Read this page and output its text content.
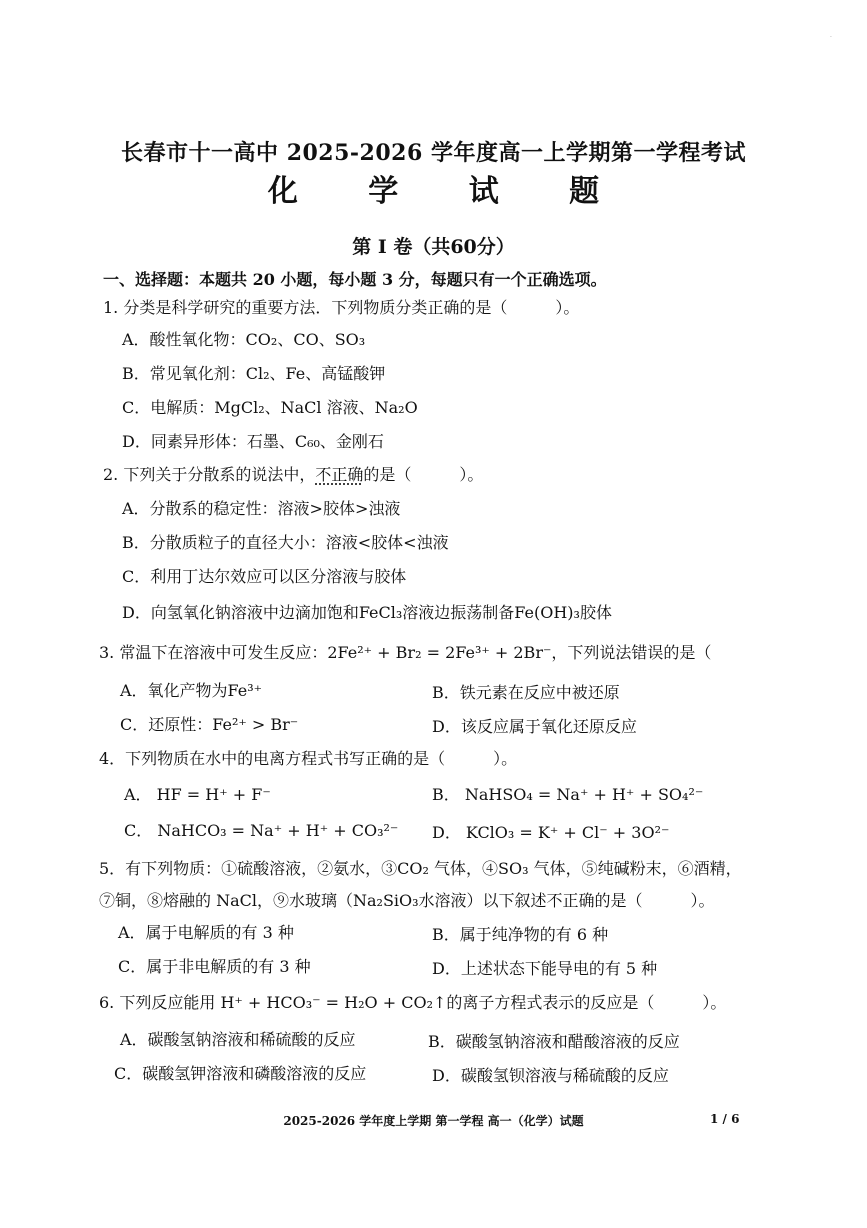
·
长春市十一高中 2025-2026 学年度高一上学期第一学程考试
化 学 试 题
第 I 卷（共60分）
一、选择题：本题共 20 小题，每小题 3 分，每题只有一个正确选项。
1. 分类是科学研究的重要方法．下列物质分类正确的是（　　　）。
A．酸性氧化物：CO₂、CO、SO₃
B．常见氧化剂：Cl₂、Fe、高锰酸钾
C．电解质：MgCl₂、NaCl 溶液、Na₂O
D．同素异形体：石墨、C₆₀、金刚石
2. 下列关于分散系的说法中，不正确的是（　　　）。
A．分散系的稳定性：溶液>胶体>浊液
B．分散质粒子的直径大小：溶液<胶体<浊液
C．利用丁达尔效应可以区分溶液与胶体
D．向氢氧化钠溶液中边滴加饱和FeCl₃溶液边振荡制备Fe(OH)₃胶体
3. 常温下在溶液中可发生反应：2Fe²⁺ + Br₂ = 2Fe³⁺ + 2Br⁻，下列说法错误的是（
A．氧化产物为Fe³⁺	B．铁元素在反应中被还原
C．还原性：Fe²⁺ > Br⁻	D．该反应属于氧化还原反应
4．下列物质在水中的电离方程式书写正确的是（　　　）。
A． HF = H⁺ + F⁻	B． NaHSO₄ = Na⁺ + H⁺ + SO₄²⁻
C． NaHCO₃ = Na⁺ + H⁺ + CO₃²⁻ D． KClO₃ = K⁺ + Cl⁻ + 3O²⁻
5．有下列物质：①硫酸溶液，②氨水，③CO₂ 气体，④SO₃ 气体，⑤纯碱粉末，⑥酒精，
⑦铜，⑧熔融的 NaCl，⑨水玻璃（Na₂SiO₃水溶液）以下叙述不正确的是（　　　）。
A．属于电解质的有 3 种	B．属于纯净物的有 6 种
C．属于非电解质的有 3 种	D．上述状态下能导电的有 5 种
6. 下列反应能用 H⁺ + HCO₃⁻ = H₂O + CO₂↑的离子方程式表示的反应是（　　　）。
A．碳酸氢钠溶液和稀硫酸的反应	B．碳酸氢钠溶液和醋酸溶液的反应
C．碳酸氢钾溶液和磷酸溶液的反应	D．碳酸氢钡溶液与稀硫酸的反应
2025-2026 学年度上学期 第一学程 高一（化学）试题	1 / 6
